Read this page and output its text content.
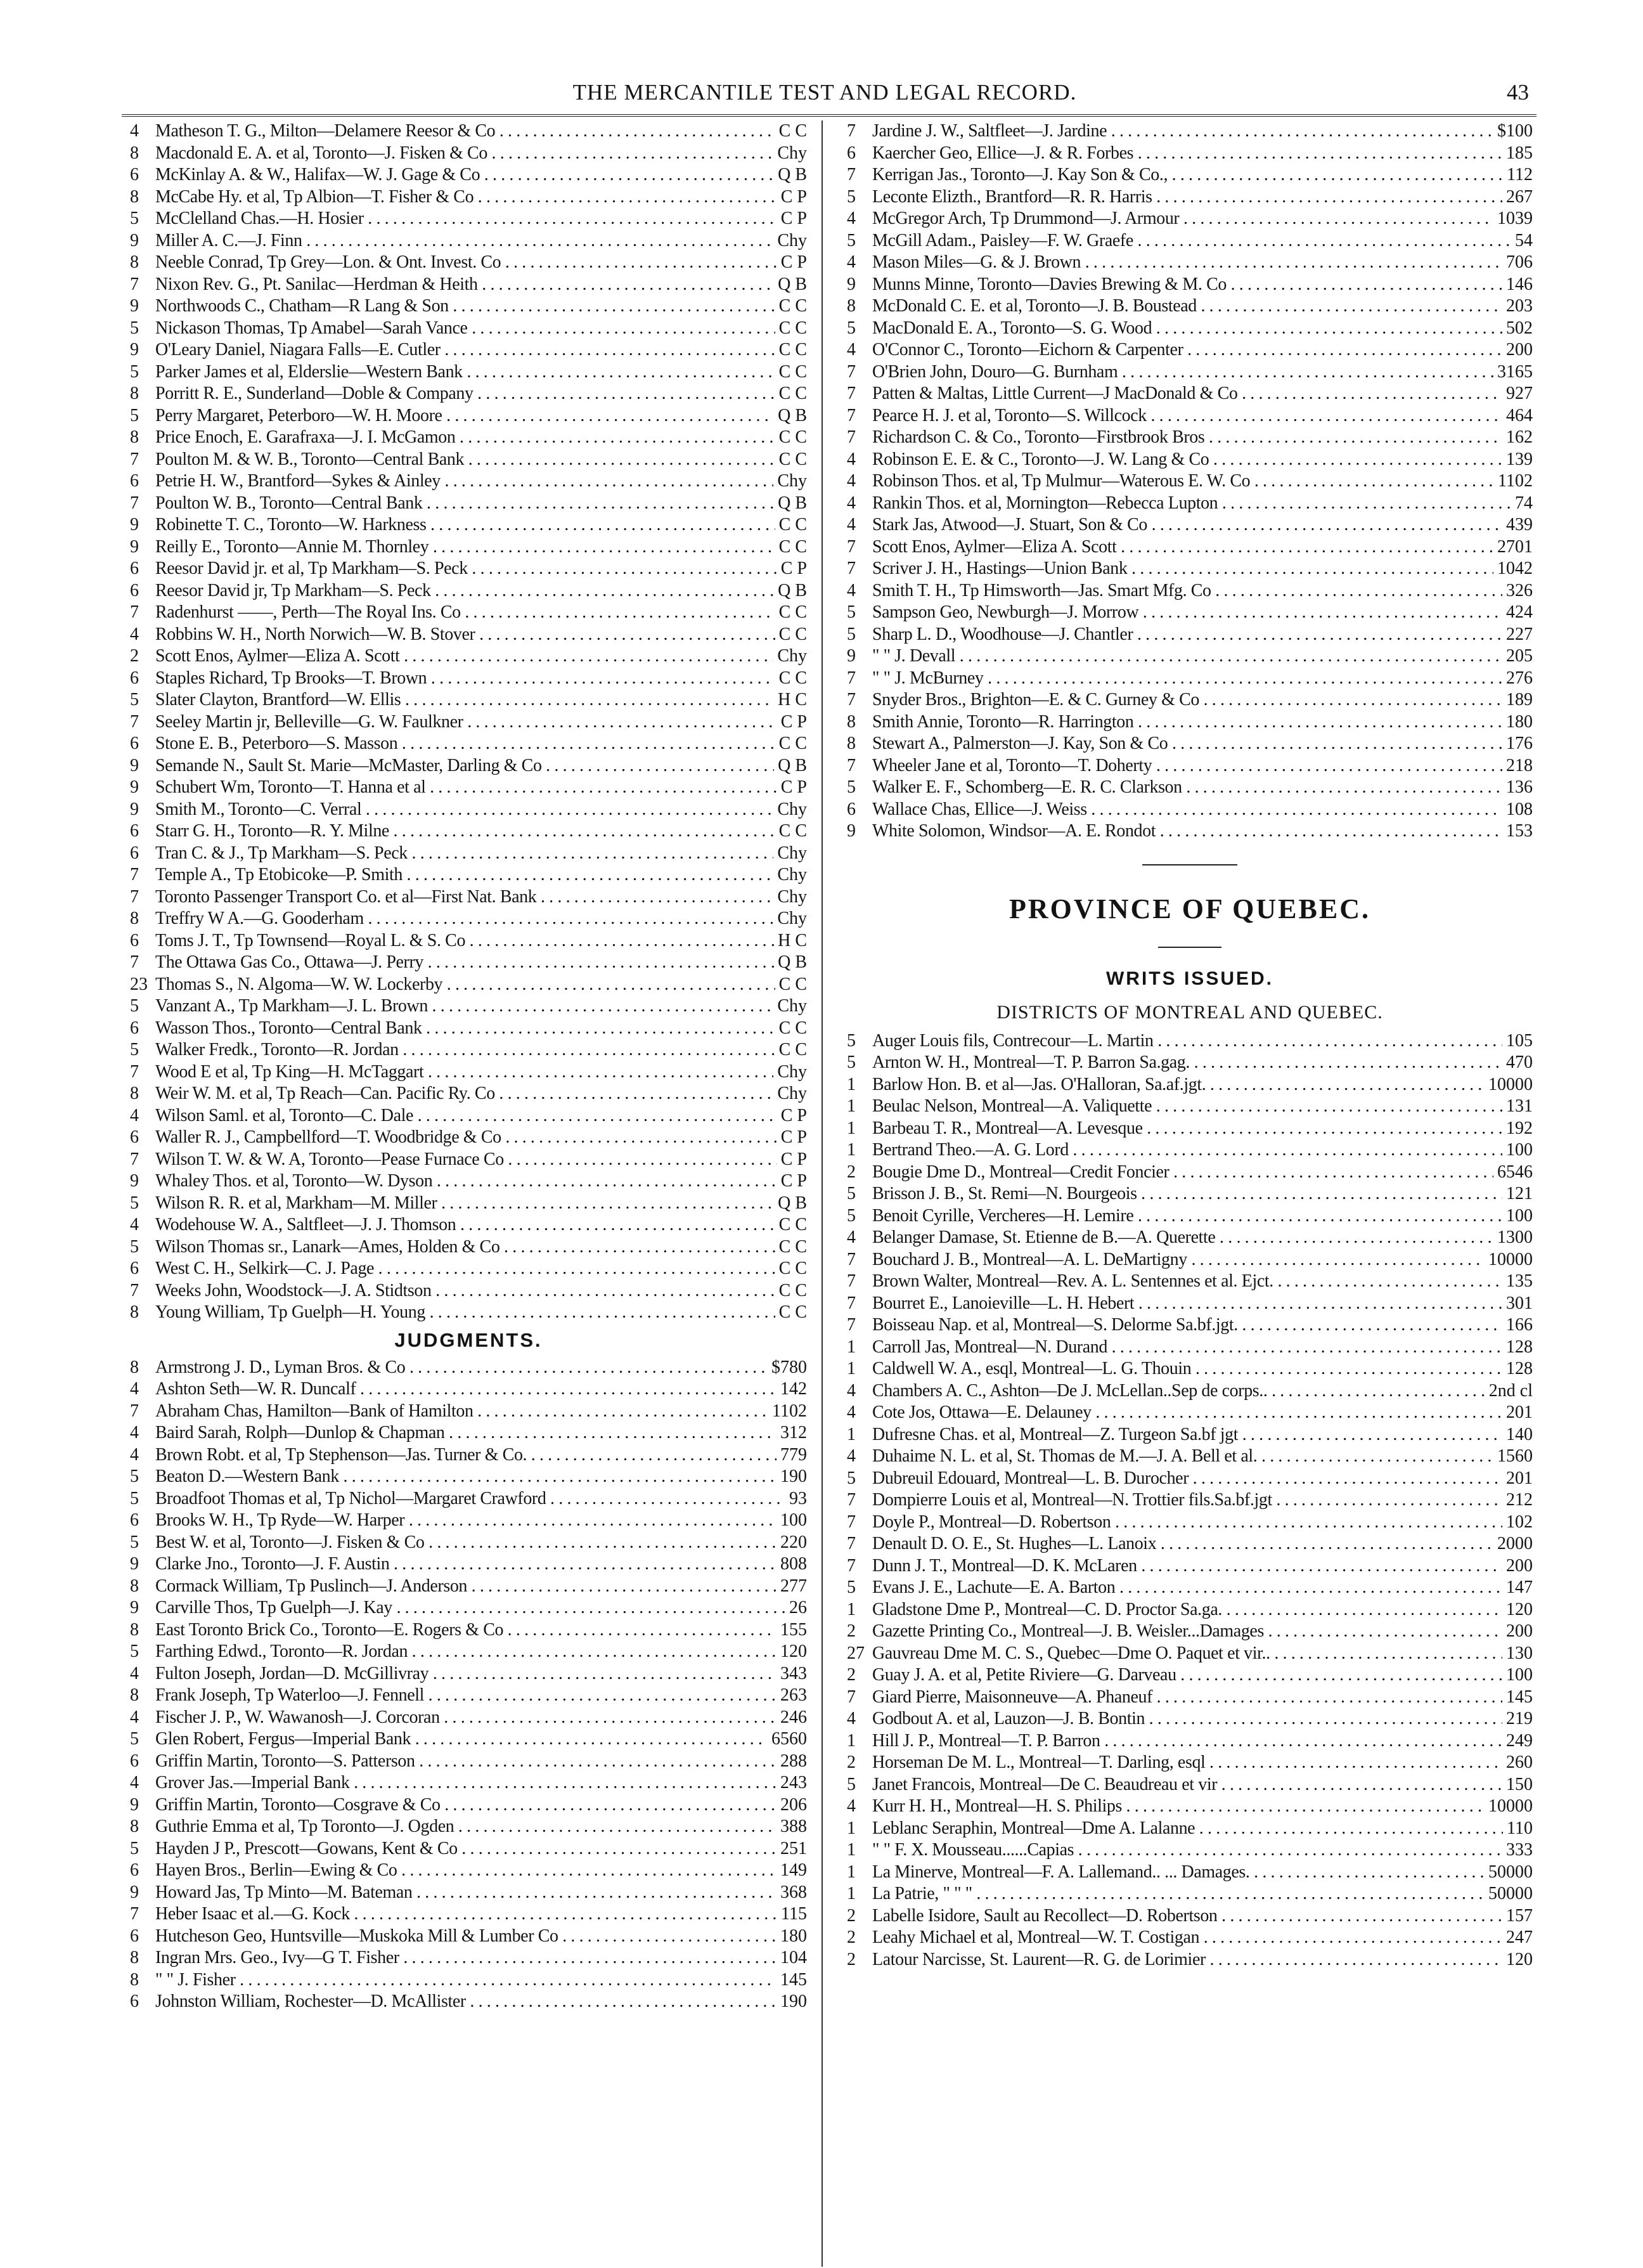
THE MERCANTILE TEST AND LEGAL RECORD.	43
4 Matheson T. G., Milton—Delamere Reesor & Co . . .	C C
8 Macdonald E. A. et al, Toronto—J. Fisken & Co . . .	Chy
6 McKinlay A. & W., Halifax—W. J. Gage & Co . . .	Q B
8 McCabe Hy. et al, Tp Albion—T. Fisher & Co . . .	C P
5 McClelland Chas.—H. Hosier . . .	C P
9 Miller A. C.—J. Finn . . .	Chy
8 Neeble Conrad, Tp Grey—Lon. & Ont. Invest. Co . . .	C P
7 Nixon Rev. G., Pt. Sanilac—Herdman & Heith . . .	Q B
9 Northwoods C., Chatham—R Lang & Son . . .	C C
5 Nickason Thomas, Tp Amabel—Sarah Vance . . .	C C
9 O'Leary Daniel, Niagara Falls—E. Cutler . . .	C C
5 Parker James et al, Elderslie—Western Bank . . .	C C
8 Porritt R. E., Sunderland—Doble & Company . . .	C C
5 Perry Margaret, Peterboro—W. H. Moore . . .	Q B
8 Price Enoch, E. Garafraxa—J. I. McGamon . . .	C C
7 Poulton M. & W. B., Toronto—Central Bank . . .	C C
6 Petrie H. W., Brantford—Sykes & Ainley . . .	Chy
7 Poulton W. B., Toronto—Central Bank . . .	Q B
9 Robinette T. C., Toronto—W. Harkness . . .	C C
9 Reilly E., Toronto—Annie M. Thornley . . .	C C
6 Reesor David jr. et al, Tp Markham—S. Peck . . .	C P
6 Reesor David jr, Tp Markham—S. Peck . . .	Q B
7 Radenhurst ——, Perth—The Royal Ins. Co . . .	C C
4 Robbins W. H., North Norwich—W. B. Stover . . .	C C
2 Scott Enos, Aylmer—Eliza A. Scott . . .	Chy
6 Staples Richard, Tp Brooks—T. Brown . . .	C C
5 Slater Clayton, Brantford—W. Ellis . . .	H C
7 Seeley Martin jr, Belleville—G. W. Faulkner . . .	C P
6 Stone E. B., Peterboro—S. Masson . . .	C C
9 Semande N., Sault St. Marie—McMaster, Darling & Co . . .	Q B
9 Schubert Wm, Toronto—T. Hanna et al . . .	C P
9 Smith M., Toronto—C. Verral . . .	Chy
6 Starr G. H., Toronto—R. Y. Milne . . .	C C
6 Tran C. & J., Tp Markham—S. Peck . . .	Chy
7 Temple A., Tp Etobicoke—P. Smith . . .	Chy
7 Toronto Passenger Transport Co. et al—First Nat. Bank . . .	Chy
8 Treffry W A.—G. Gooderham . . .	Chy
6 Toms J. T., Tp Townsend—Royal L. & S. Co . . .	H C
7 The Ottawa Gas Co., Ottawa—J. Perry . . .	Q B
23 Thomas S., N. Algoma—W. W. Lockerby . . .	C C
5 Vanzant A., Tp Markham—J. L. Brown . . .	Chy
6 Wasson Thos., Toronto—Central Bank . . .	C C
5 Walker Fredk., Toronto—R. Jordan . . .	C C
7 Wood E et al, Tp King—H. McTaggart . . .	Chy
8 Weir W. M. et al, Tp Reach—Can. Pacific Ry. Co . . .	Chy
4 Wilson Saml. et al, Toronto—C. Dale . . .	C P
6 Waller R. J., Campbellford—T. Woodbridge & Co . . .	C P
7 Wilson T. W. & W. A, Toronto—Pease Furnace Co . . .	C P
9 Whaley Thos. et al, Toronto—W. Dyson . . .	C P
5 Wilson R. R. et al, Markham—M. Miller . . .	Q B
4 Wodehouse W. A., Saltfleet—J. J. Thomson . . .	C C
5 Wilson Thomas sr., Lanark—Ames, Holden & Co . . .	C C
6 West C. H., Selkirk—C. J. Page . . .	C C
7 Weeks John, Woodstock—J. A. Stidtson . . .	C C
8 Young William, Tp Guelph—H. Young . . .	C C
JUDGMENTS.
8 Armstrong J. D., Lyman Bros. & Co . . .	$780
4 Ashton Seth—W. R. Duncalf . . .	142
7 Abraham Chas, Hamilton—Bank of Hamilton . . .	1102
4 Baird Sarah, Rolph—Dunlop & Chapman . . .	312
4 Brown Robt. et al, Tp Stephenson—Jas. Turner & Co. . . .	779
5 Beaton D.—Western Bank . . .	190
5 Broadfoot Thomas et al, Tp Nichol—Margaret Crawford . . .	93
6 Brooks W. H., Tp Ryde—W. Harper . . .	100
5 Best W. et al, Toronto—J. Fisken & Co . . .	220
9 Clarke Jno., Toronto—J. F. Austin . . .	808
8 Cormack William, Tp Puslinch—J. Anderson . . .	277
9 Carville Thos, Tp Guelph—J. Kay . . .	26
8 East Toronto Brick Co., Toronto—E. Rogers & Co . . .	155
5 Farthing Edwd., Toronto—R. Jordan . . .	120
4 Fulton Joseph, Jordan—D. McGillivray . . .	343
8 Frank Joseph, Tp Waterloo—J. Fennell . . .	263
4 Fischer J. P., W. Wawanosh—J. Corcoran . . .	246
5 Glen Robert, Fergus—Imperial Bank . . .	6560
6 Griffin Martin, Toronto—S. Patterson . . .	288
4 Grover Jas.—Imperial Bank . . .	243
9 Griffin Martin, Toronto—Cosgrave & Co . . .	206
8 Guthrie Emma et al, Tp Toronto—J. Ogden . . .	388
5 Hayden J P., Prescott—Gowans, Kent & Co . . .	251
6 Hayen Bros., Berlin—Ewing & Co . . .	149
9 Howard Jas, Tp Minto—M. Bateman . . .	368
7 Heber Isaac et al.—G. Kock . . .	115
6 Hutcheson Geo, Huntsville—Muskoka Mill & Lumber Co . . .	180
8 Ingran Mrs. Geo., Ivy—G T. Fisher . . .	104
8 " " J. Fisher . . .	145
6 Johnston William, Rochester—D. McAllister . . .	190
7 Jardine J. W., Saltfleet—J. Jardine . . .	$100
6 Kaercher Geo, Ellice—J. & R. Forbes . . .	185
7 Kerrigan Jas., Toronto—J. Kay Son & Co., . . .	112
5 Leconte Elizth., Brantford—R. R. Harris . . .	267
4 McGregor Arch, Tp Drummond—J. Armour . . .	1039
5 McGill Adam., Paisley—F. W. Graefe . . .	54
4 Mason Miles—G. & J. Brown . . .	706
9 Munns Minne, Toronto—Davies Brewing & M. Co . . .	146
8 McDonald C. E. et al, Toronto—J. B. Boustead . . .	203
5 MacDonald E. A., Toronto—S. G. Wood . . .	502
4 O'Connor C., Toronto—Eichorn & Carpenter . . .	200
7 O'Brien John, Douro—G. Burnham . . .	3165
7 Patten & Maltas, Little Current—J MacDonald & Co . . .	927
7 Pearce H. J. et al, Toronto—S. Willcock . . .	464
7 Richardson C. & Co., Toronto—Firstbrook Bros . . .	162
4 Robinson E. E. & C., Toronto—J. W. Lang & Co . . .	139
4 Robinson Thos. et al, Tp Mulmur—Waterous E. W. Co . . .	1102
4 Rankin Thos. et al, Mornington—Rebecca Lupton . . .	74
4 Stark Jas, Atwood—J. Stuart, Son & Co . . .	439
7 Scott Enos, Aylmer—Eliza A. Scott . . .	2701
7 Scriver J. H., Hastings—Union Bank . . .	1042
4 Smith T. H., Tp Himsworth—Jas. Smart Mfg. Co . . .	326
5 Sampson Geo, Newburgh—J. Morrow . . .	424
5 Sharp L. D., Woodhouse—J. Chantler . . .	227
9 " " J. Devall . . .	205
7 " " J. McBurney . . .	276
7 Snyder Bros., Brighton—E. & C. Gurney & Co . . .	189
8 Smith Annie, Toronto—R. Harrington . . .	180
8 Stewart A., Palmerston—J. Kay, Son & Co . . .	176
7 Wheeler Jane et al, Toronto—T. Doherty . . .	218
5 Walker E. F., Schomberg—E. R. C. Clarkson . . .	136
6 Wallace Chas, Ellice—J. Weiss . . .	108
9 White Solomon, Windsor—A. E. Rondot . . .	153
PROVINCE OF QUEBEC.
WRITS ISSUED.
DISTRICTS OF MONTREAL AND QUEBEC.
5 Auger Louis fils, Contrecour—L. Martin . . .	105
5 Arnton W. H., Montreal—T. P. Barron Sa.gag. . . .	470
1 Barlow Hon. B. et al—Jas. O'Halloran, Sa.af.jgt. . . .	10000
1 Beulac Nelson, Montreal—A. Valiquette . . .	131
1 Barbeau T. R., Montreal—A. Levesque . . .	192
1 Bertrand Theo.—A. G. Lord . . .	100
2 Bougie Dme D., Montreal—Credit Foncier . . .	6546
5 Brisson J. B., St. Remi—N. Bourgeois . . .	121
5 Benoit Cyrille, Vercheres—H. Lemire . . .	100
4 Belanger Damase, St. Etienne de B.—A. Querette . . .	1300
7 Bouchard J. B., Montreal—A. L. DeMartigny . . .	10000
7 Brown Walter, Montreal—Rev. A. L. Sentennes et al. Ejct. . . .	135
7 Bourret E., Lanoieville—L. H. Hebert . . .	301
7 Boisseau Nap. et al, Montreal—S. Delorme Sa.bf.jgt. . . .	166
1 Carroll Jas, Montreal—N. Durand . . .	128
1 Caldwell W. A., esql, Montreal—L. G. Thouin . . .	128
4 Chambers A. C., Ashton—De J. McLellan..Sep de corps.. . . .	2nd cl
4 Cote Jos, Ottawa—E. Delauney . . .	201
1 Dufresne Chas. et al, Montreal—Z. Turgeon Sa.bf jgt . . .	140
4 Duhaime N. L. et al, St. Thomas de M.—J. A. Bell et al. . . .	1560
5 Dubreuil Edouard, Montreal—L. B. Durocher . . .	201
7 Dompierre Louis et al, Montreal—N. Trottier fils.Sa.bf.jgt . . .	212
7 Doyle P., Montreal—D. Robertson . . .	102
7 Denault D. O. E., St. Hughes—L. Lanoix . . .	2000
7 Dunn J. T., Montreal—D. K. McLaren . . .	200
5 Evans J. E., Lachute—E. A. Barton . . .	147
1 Gladstone Dme P., Montreal—C. D. Proctor Sa.ga. . . .	120
2 Gazette Printing Co., Montreal—J. B. Weisler...Damages . . .	200
27 Gauvreau Dme M. C. S., Quebec—Dme O. Paquet et vir.. . . .	130
2 Guay J. A. et al, Petite Riviere—G. Darveau . . .	100
7 Giard Pierre, Maisonneuve—A. Phaneuf . . .	145
4 Godbout A. et al, Lauzon—J. B. Bontin . . .	219
1 Hill J. P., Montreal—T. P. Barron . . .	249
2 Horseman De M. L., Montreal—T. Darling, esql . . .	260
5 Janet Francois, Montreal—De C. Beaudreau et vir . . .	150
4 Kurr H. H., Montreal—H. S. Philips . . .	10000
1 Leblanc Seraphin, Montreal—Dme A. Lalanne . . .	110
1 " " F. X. Mousseau......Capias . . .	333
1 La Minerve, Montreal—F. A. Lallemand.. ... Damages. . . .	50000
1 La Patrie, " " " . . .	50000
2 Labelle Isidore, Sault au Recollect—D. Robertson . . .	157
2 Leahy Michael et al, Montreal—W. T. Costigan . . .	247
2 Latour Narcisse, St. Laurent—R. G. de Lorimier . . .	120
